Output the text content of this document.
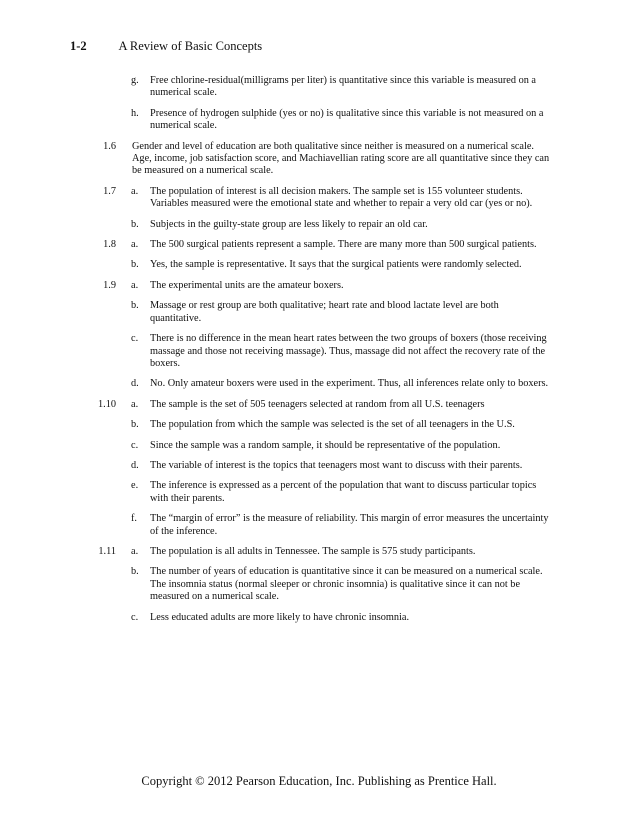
1-2	A Review of Basic Concepts
g. Free chlorine-residual(milligrams per liter) is quantitative since this variable is measured on a numerical scale.
h. Presence of hydrogen sulphide (yes or no) is qualitative since this variable is not measured on a numerical scale.
1.6 Gender and level of education are both qualitative since neither is measured on a numerical scale. Age, income, job satisfaction score, and Machiavellian rating score are all quantitative since they can be measured on a numerical scale.
1.7 a. The population of interest is all decision makers. The sample set is 155 volunteer students. Variables measured were the emotional state and whether to repair a very old car (yes or no).
b. Subjects in the guilty-state group are less likely to repair an old car.
1.8 a. The 500 surgical patients represent a sample. There are many more than 500 surgical patients.
b. Yes, the sample is representative. It says that the surgical patients were randomly selected.
1.9 a. The experimental units are the amateur boxers.
b. Massage or rest group are both qualitative; heart rate and blood lactate level are both quantitative.
c. There is no difference in the mean heart rates between the two groups of boxers (those receiving massage and those not receiving massage). Thus, massage did not affect the recovery rate of the boxers.
d. No. Only amateur boxers were used in the experiment. Thus, all inferences relate only to boxers.
1.10 a. The sample is the set of 505 teenagers selected at random from all U.S. teenagers
b. The population from which the sample was selected is the set of all teenagers in the U.S.
c. Since the sample was a random sample, it should be representative of the population.
d. The variable of interest is the topics that teenagers most want to discuss with their parents.
e. The inference is expressed as a percent of the population that want to discuss particular topics with their parents.
f. The “margin of error” is the measure of reliability. This margin of error measures the uncertainty of the inference.
1.11 a. The population is all adults in Tennessee. The sample is 575 study participants.
b. The number of years of education is quantitative since it can be measured on a numerical scale. The insomnia status (normal sleeper or chronic insomnia) is qualitative since it can not be measured on a numerical scale.
c. Less educated adults are more likely to have chronic insomnia.
Copyright © 2012 Pearson Education, Inc. Publishing as Prentice Hall.
